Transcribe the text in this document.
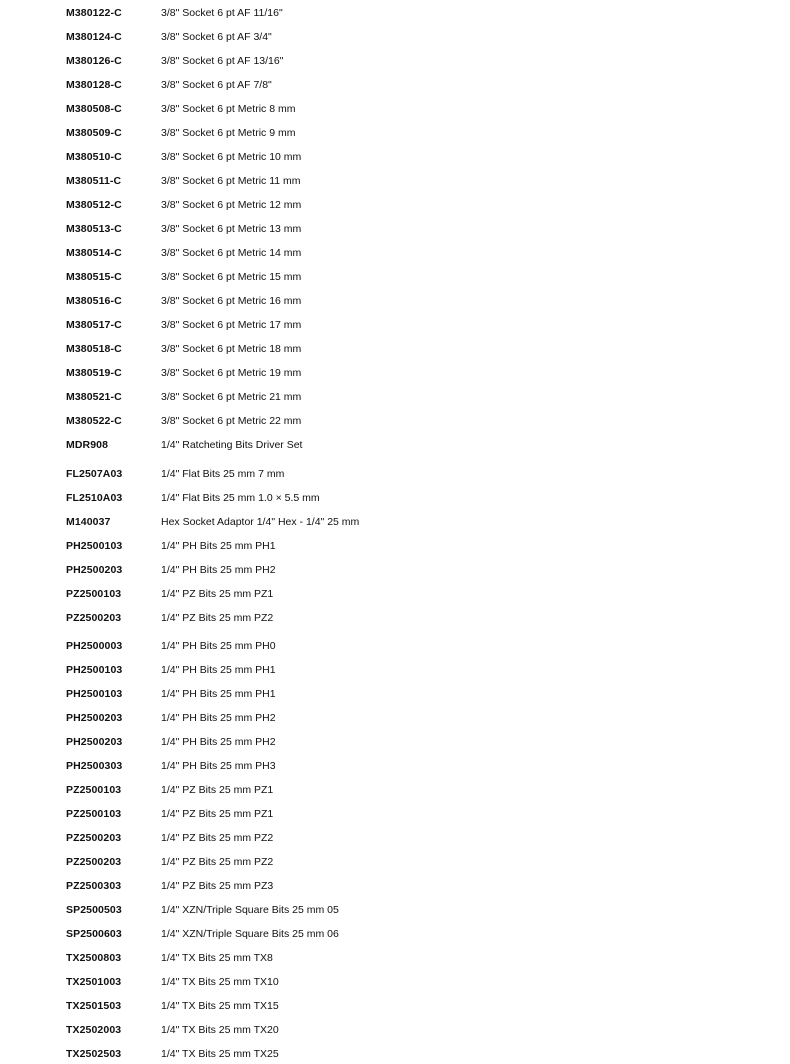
M380122-C	3/8" Socket 6 pt AF 11/16"
M380124-C	3/8" Socket 6 pt AF 3/4"
M380126-C	3/8" Socket 6 pt AF 13/16"
M380128-C	3/8" Socket 6 pt AF 7/8"
M380508-C	3/8" Socket 6 pt Metric 8 mm
M380509-C	3/8" Socket 6 pt Metric 9 mm
M380510-C	3/8" Socket 6 pt Metric 10 mm
M380511-C	3/8" Socket 6 pt Metric 11 mm
M380512-C	3/8" Socket 6 pt Metric 12 mm
M380513-C	3/8" Socket 6 pt Metric 13 mm
M380514-C	3/8" Socket 6 pt Metric 14 mm
M380515-C	3/8" Socket 6 pt Metric 15 mm
M380516-C	3/8" Socket 6 pt Metric 16 mm
M380517-C	3/8" Socket 6 pt Metric 17 mm
M380518-C	3/8" Socket 6 pt Metric 18 mm
M380519-C	3/8" Socket 6 pt Metric 19 mm
M380521-C	3/8" Socket 6 pt Metric 21 mm
M380522-C	3/8" Socket 6 pt Metric 22 mm
MDR908	1/4" Ratcheting Bits Driver Set
FL2507A03	1/4" Flat Bits 25 mm 7 mm
FL2510A03	1/4" Flat Bits 25 mm 1.0 × 5.5 mm
M140037	Hex Socket Adaptor 1/4" Hex - 1/4" 25 mm
PH2500103	1/4" PH Bits 25 mm PH1
PH2500203	1/4" PH Bits 25 mm PH2
PZ2500103	1/4" PZ Bits 25 mm PZ1
PZ2500203	1/4" PZ Bits 25 mm PZ2
PH2500003	1/4" PH Bits 25 mm PH0
PH2500103	1/4" PH Bits 25 mm PH1
PH2500103	1/4" PH Bits 25 mm PH1
PH2500203	1/4" PH Bits 25 mm PH2
PH2500203	1/4" PH Bits 25 mm PH2
PH2500303	1/4" PH Bits 25 mm PH3
PZ2500103	1/4" PZ Bits 25 mm PZ1
PZ2500103	1/4" PZ Bits 25 mm PZ1
PZ2500203	1/4" PZ Bits 25 mm PZ2
PZ2500203	1/4" PZ Bits 25 mm PZ2
PZ2500303	1/4" PZ Bits 25 mm PZ3
SP2500503	1/4" XZN/Triple Square Bits 25 mm 05
SP2500603	1/4" XZN/Triple Square Bits 25 mm 06
TX2500803	1/4" TX Bits 25 mm TX8
TX2501003	1/4" TX Bits 25 mm TX10
TX2501503	1/4" TX Bits 25 mm TX15
TX2502003	1/4" TX Bits 25 mm TX20
TX2502503	1/4" TX Bits 25 mm TX25
